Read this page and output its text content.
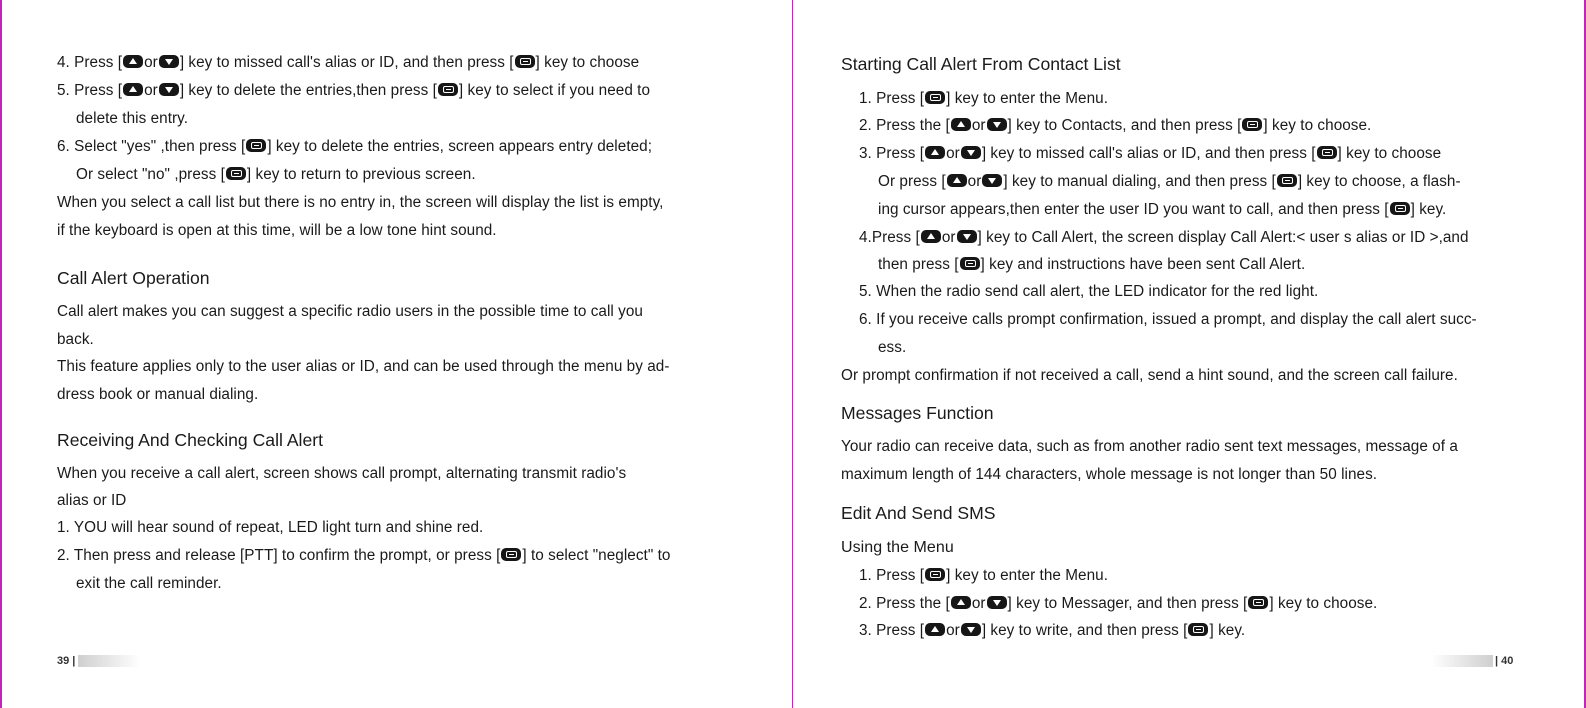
4. Press [ or ] key to missed call's alias or ID, and then press [ ] key to choose
5. Press [ or ] key to delete the entries,then press [ ] key to select if you need to
delete this entry.
6. Select "yes" ,then press [ ] key to delete the entries, screen appears entry deleted;
Or select "no" ,press [ ] key to return to previous screen.
When you select a call list but there is no entry in, the screen will display the list is empty,
if the keyboard is open at this time, will be a low tone hint sound.
Call Alert Operation
Call alert makes you can suggest a specific radio users in the possible time to call you
back.
This feature applies only to the user alias or ID, and can be used through the menu by ad-
dress book or manual dialing.
Receiving And Checking Call Alert
When you receive a call alert, screen shows call prompt, alternating transmit radio's
alias or ID
1. YOU will hear sound of repeat, LED light turn and shine red.
2. Then press and release [PTT] to confirm the prompt, or press [ ] to select "neglect" to
exit the call reminder.
39 |
Starting Call Alert From Contact List
1. Press [ ] key to enter the Menu.
2. Press the [ or ] key to Contacts, and then press [ ] key to choose.
3. Press [ or ] key to missed call's alias or ID, and then press [ ] key to choose
Or press [ or ] key to manual dialing, and then press [ ] key to choose, a flash-
ing cursor appears,then enter the user ID you want to call, and then press [ ] key.
4.Press [ or ] key to Call Alert, the screen display Call Alert:< user s alias or ID >,and
then press [ ] key and instructions have been sent Call Alert.
5. When the radio send call alert, the LED indicator for the red light.
6. If you receive calls prompt confirmation, issued a prompt, and display the call alert succ-
ess.
Or prompt confirmation if not received a call, send a hint sound, and the screen call failure.
Messages Function
Your radio can receive data, such as from another radio sent text messages, message of a
maximum length of 144 characters, whole message is not longer than 50 lines.
Edit And Send SMS
Using the Menu
1. Press [ ] key to enter the Menu.
2. Press the [ or ] key to Messager, and then press [ ] key to choose.
3. Press [ or ] key to write, and then press [ ] key.
| 40
